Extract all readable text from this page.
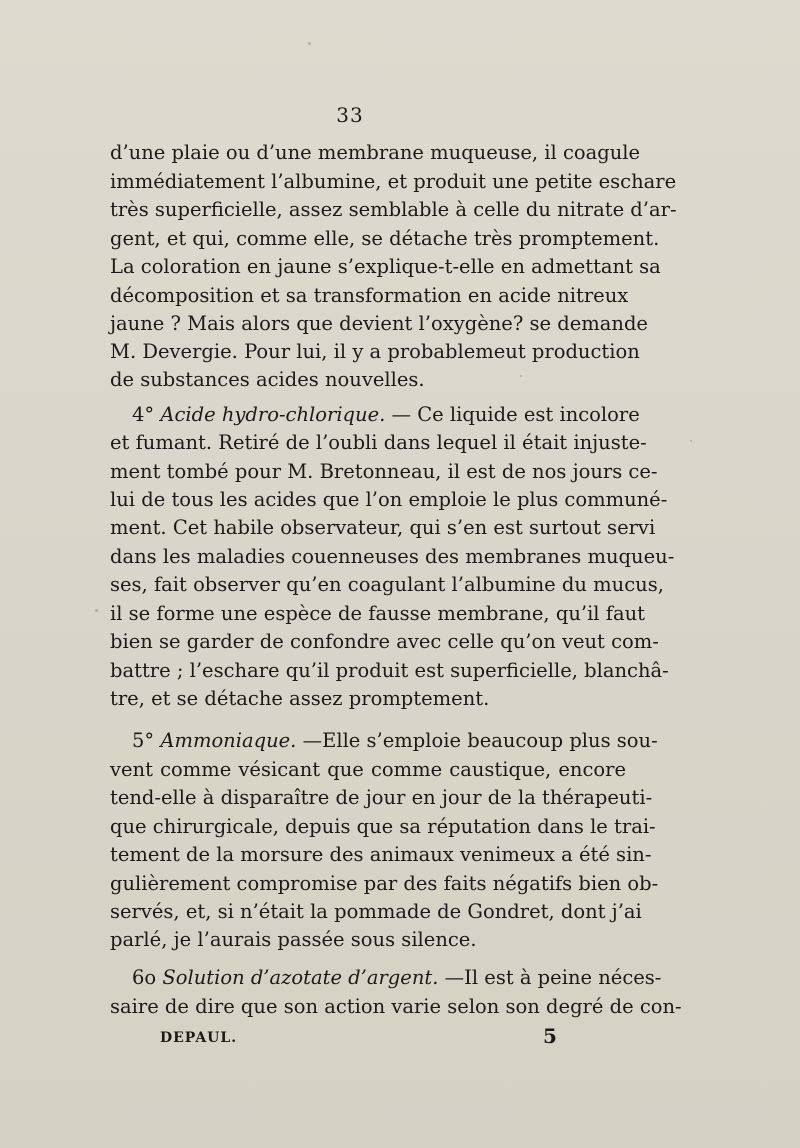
33
d’une plaie ou d’une membrane muqueuse, il coagule
immédiatement l’albumine, et produit une petite eschare
très superficielle, assez semblable à celle du nitrate d’ar-
gent, et qui, comme elle, se détache très promptement.
La coloration en jaune s’explique-t-elle en admettant sa
décomposition et sa transformation en acide nitreux
jaune ? Mais alors que devient l’oxygène? se demande
M. Devergie. Pour lui, il y a probablemeut production
de substances acides nouvelles.
4° Acide hydro-chlorique. — Ce liquide est incolore
et fumant. Retiré de l’oubli dans lequel il était injuste-
ment tombé pour M. Bretonneau, il est de nos jours ce-
lui de tous les acides que l’on emploie le plus communé-
ment. Cet habile observateur, qui s’en est surtout servi
dans les maladies couenneuses des membranes muqueu-
ses, fait observer qu’en coagulant l’albumine du mucus,
il se forme une espèce de fausse membrane, qu’il faut
bien se garder de confondre avec celle qu’on veut com-
battre ; l’eschare qu’il produit est superficielle, blanchâ-
tre, et se détache assez promptement.
5° Ammoniaque. —Elle s’emploie beaucoup plus sou-
vent comme vésicant que comme caustique, encore
tend-elle à disparaître de jour en jour de la thérapeuti-
que chirurgicale, depuis que sa réputation dans le trai-
tement de la morsure des animaux venimeux a été sin-
gulièrement compromise par des faits négatifs bien ob-
servés, et, si n’était la pommade de Gondret, dont j’ai
parlé, je l’aurais passée sous silence.
6o Solution d’azotate d’argent. —Il est à peine néces-
saire de dire que son action varie selon son degré de con-
DEPAUL.	5
